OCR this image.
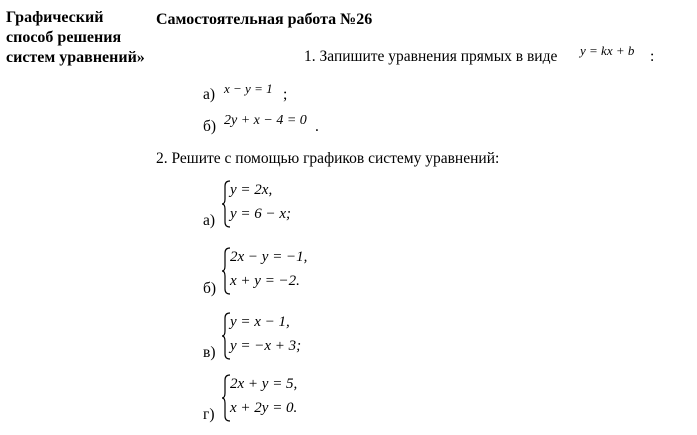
Графический
способ решения
систем уравнений»
Самостоятельная работа №26
1. Запишите уравнения прямых в виде y = kx + b :
а) x − y = 1 ;
б) 2y + x − 4 = 0 .
2. Решите с помощью графиков систему уравнений:
а)
y = 2x,
y = 6 − x;
б)
2x − y = −1,
x + y = −2.
в)
y = x − 1,
y = −x + 3;
г)
2x + y = 5,
x + 2y = 0.
